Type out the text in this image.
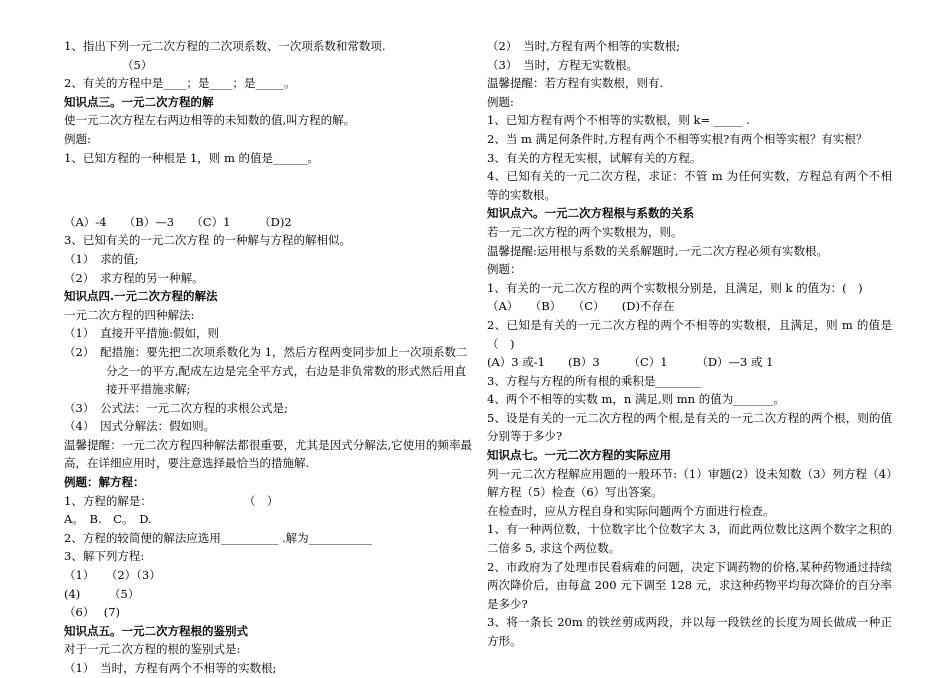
1、指出下列一元二次方程的二次项系数、一次项系数和常数项.
（5）
2、有关的方程中是____；是____；是_____。
知识点三。一元二次方程的解
使一元二次方程左右两边相等的未知数的值,叫方程的解。
例题:
1、已知方程的一种根是 1，则 m 的值是______。
（A）-4　　（B）—3　　（C）1　　　（D)2
3、已知有关的一元二次方程 的一种解与方程的解相似。
（1）　求的值;
（2）　求方程的另一种解。
知识点四.一元二次方程的解法
一元二次方程的四种解法:
（1）　直接开平措施:假如，则
（2）　配措施：要先把二次项系数化为 1，然后方程两变同步加上一次项系数二分之一的平方,配成左边是完全平方式，右边是非负常数的形式然后用直接开平措施求解;
（3）　公式法：一元二次方程的求根公式是;
（4）　因式分解法：假如则。
温馨提醒：一元二次方程四种解法都很重要，尤其是因式分解法,它使用的频率最高，在详细应用时，要注意选择最恰当的措施解.
例题：解方程：
1、方程的解是：　　　　　　　　　（　）
A。　B.　C。　D.
2、方程的较简便的解法应选用__________ .解为___________
3、解下列方程:
（1）　　（2）（3）
(4)　　　（5）
（6）　 (7)
知识点五。一元二次方程根的鉴别式
对于一元二次方程的根的鉴别式是:
（1）　当时，方程有两个不相等的实数根;
（2）　当时,方程有两个相等的实数根;
（3）　当时，方程无实数根。
温馨提醒：若方程有实数根，则有.
例题:
1、已知方程有两个不相等的实数根，则 k= _____ .
2、当 m 满足何条件时,方程有两个不相等实根?有两个相等实根？有实根？
3、有关的方程无实根，试解有关的方程。
4、已知有关的一元二次方程，求证：不管 m 为任何实数，方程总有两个不相等的实数根。
知识点六。一元二次方程根与系数的关系
若一元二次方程的两个实数根为，则。
温馨提醒:运用根与系数的关系解题时,一元二次方程必须有实数根。
例题：
1、有关的一元二次方程的两个实数根分别是，且满足，则 k 的值为：(　)
（A）　　（B）　　（C）　　(D)不存在
2、已知是有关的一元二次方程的两个不相等的实数根，且满足，则 m 的值是（　)
(A）3 或-1　　(B）3　　　（C）1　　　（D）—3 或 1
3、方程与方程的所有根的乘积是________
4、两个不相等的实数 m，n 满足,则 mn 的值为_______。
5、设是有关的一元二次方程的两个根,是有关的一元二次方程的两个根，则的值分别等于多少?
知识点七。一元二次方程的实际应用
列一元二次方程解应用题的一般环节:（1）审题(2）设未知数（3）列方程（4）解方程（5）检查（6）写出答案。
在检查时，应从方程自身和实际问题两个方面进行检查。
1、有一种两位数，十位数字比个位数字大 3，而此两位数比这两个数字之积的二倍多 5, 求这个两位数。
2、市政府为了处理市民看病难的问题，决定下调药物的价格,某种药物通过持续两次降价后，由每盒 200 元下调至 128 元，求这种药物平均每次降价的百分率是多少?
3、将一条长 20m 的铁丝剪成两段，并以每一段铁丝的长度为周长做成一种正方形。
